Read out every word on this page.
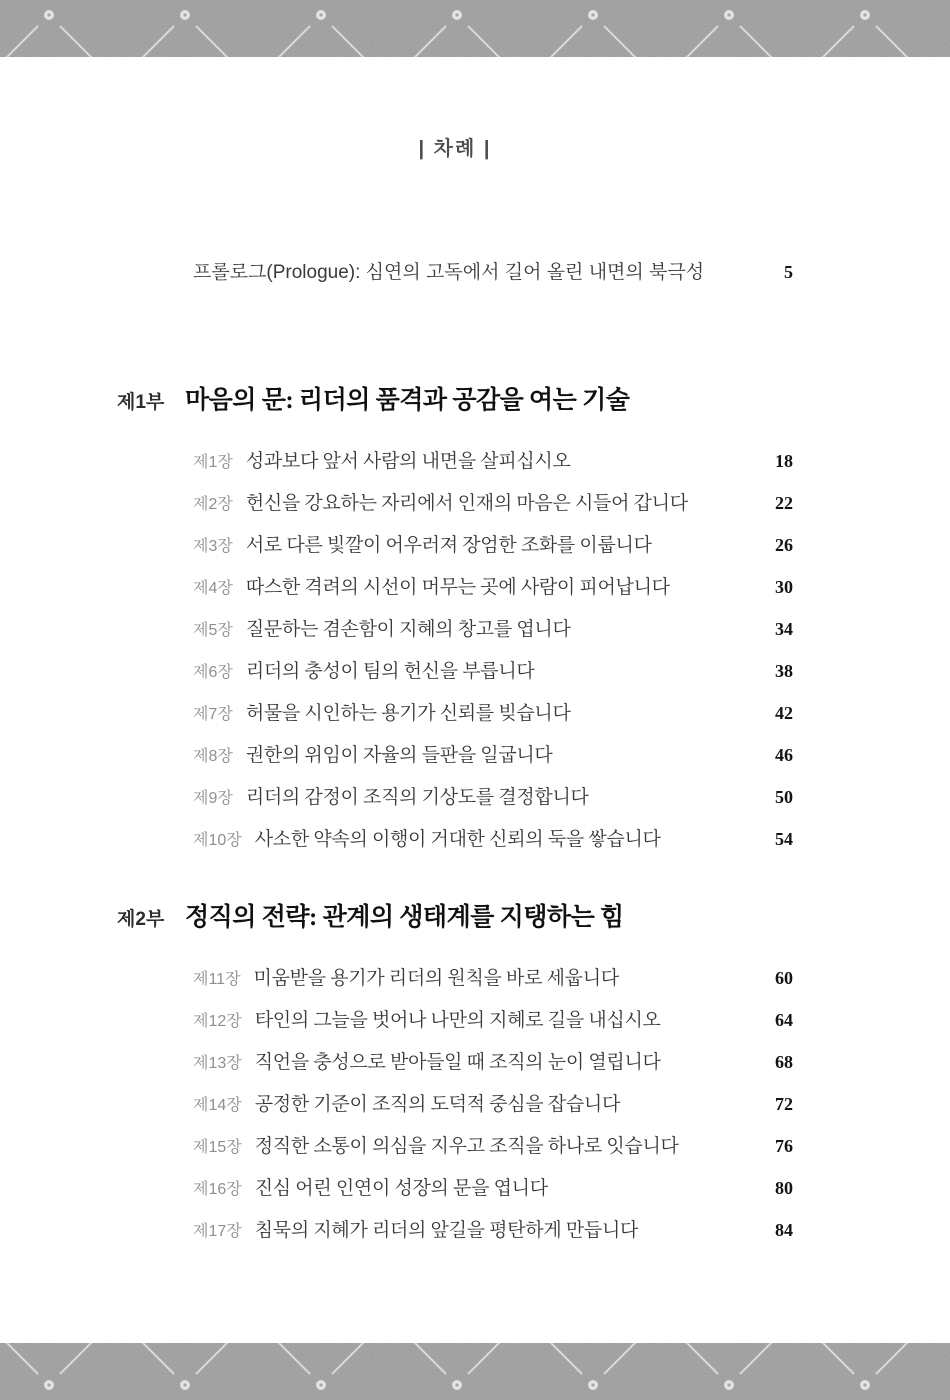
| 차례 |
프롤로그(Prologue): 심연의 고독에서 길어 올린 내면의 북극성	5
제1부 마음의 문: 리더의 품격과 공감을 여는 기술
제1장 성과보다 앞서 사람의 내면을 살피십시오	18
제2장 헌신을 강요하는 자리에서 인재의 마음은 시들어 갑니다	22
제3장 서로 다른 빛깔이 어우러져 장엄한 조화를 이룹니다	26
제4장 따스한 격려의 시선이 머무는 곳에 사람이 피어납니다	30
제5장 질문하는 겸손함이 지혜의 창고를 엽니다	34
제6장 리더의 충성이 팀의 헌신을 부릅니다	38
제7장 허물을 시인하는 용기가 신뢰를 빚습니다	42
제8장 권한의 위임이 자율의 들판을 일굽니다	46
제9장 리더의 감정이 조직의 기상도를 결정합니다	50
제10장 사소한 약속의 이행이 거대한 신뢰의 둑을 쌓습니다	54
제2부 정직의 전략: 관계의 생태계를 지탱하는 힘
제11장 미움받을 용기가 리더의 원칙을 바로 세웁니다	60
제12장 타인의 그늘을 벗어나 나만의 지혜로 길을 내십시오	64
제13장 직언을 충성으로 받아들일 때 조직의 눈이 열립니다	68
제14장 공정한 기준이 조직의 도덕적 중심을 잡습니다	72
제15장 정직한 소통이 의심을 지우고 조직을 하나로 잇습니다	76
제16장 진심 어린 인연이 성장의 문을 엽니다	80
제17장 침묵의 지혜가 리더의 앞길을 평탄하게 만듭니다	84
